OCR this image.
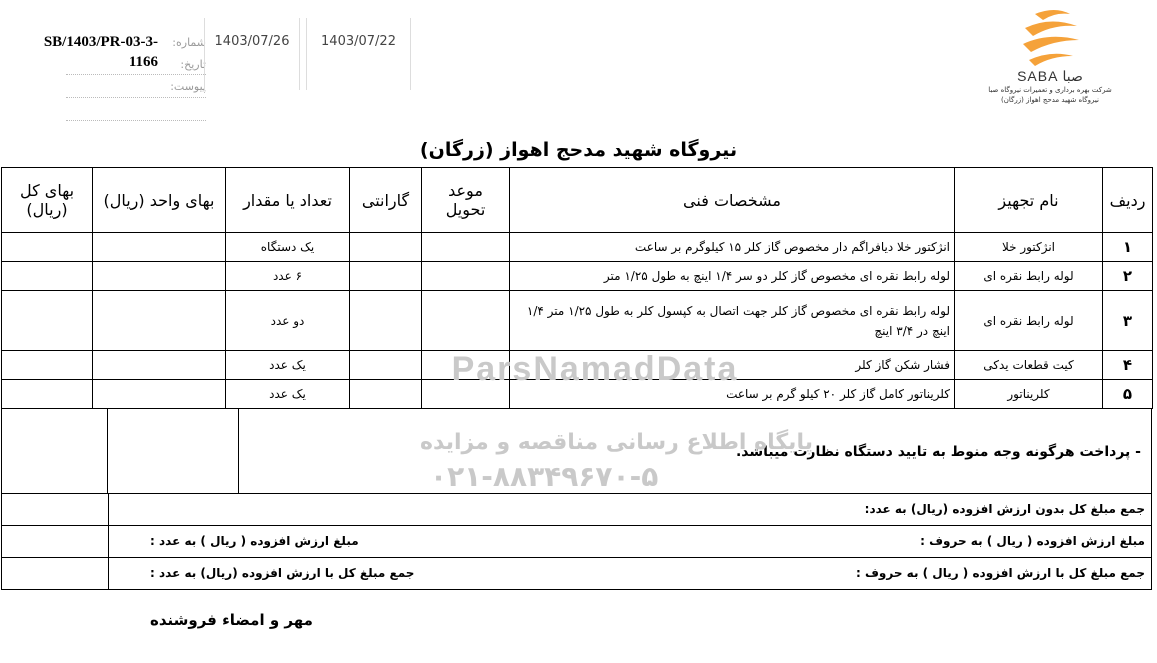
SB/1403/PR-03-3-1166
شماره:
تاریخ:
پیوست:
1403/07/26	1403/07/22
SABA صبا
شرکت بهره برداری و تعمیرات نیروگاه صبا
نیروگاه شهید مدحج اهواز (زرگان)
نیروگاه شهید مدحج اهواز (زرگان)
ردیف	نام تجهیز	مشخصات فنی	موعد تحویل	گارانتی	تعداد یا مقدار	بهای واحد (ریال)	بهای کل (ریال)
۱	انژکتور خلا	انژکتور خلا دیافراگم دار مخصوص گاز کلر ۱۵ کیلوگرم بر ساعت			یک دستگاه		
۲	لوله رابط نقره ای	لوله رابط نقره ای مخصوص گاز کلر دو سر ۱/۴ اینچ به طول ۱/۲۵ متر			۶ عدد		
۳	لوله رابط نقره ای	لوله رابط نقره ای مخصوص گاز کلر جهت اتصال به کپسول کلر به طول ۱/۲۵ متر ۱/۴ اینچ در ۳/۴ اینچ			دو عدد		
۴	کیت قطعات یدکی	فشار شکن گاز کلر			یک عدد		
۵	کلریناتور	کلریناتور کامل گاز کلر ۲۰ کیلو گرم بر ساعت			یک عدد		
- پرداخت هرگونه وجه منوط به تایید دستگاه نظارت میباشد.
جمع مبلغ کل بدون ارزش افزوده (ریال) به عدد:
مبلغ ارزش افزوده ( ریال ) به حروف :
مبلغ ارزش افزوده ( ریال ) به عدد :
جمع مبلغ کل با ارزش افزوده ( ریال ) به حروف :
جمع مبلغ کل با ارزش افزوده (ریال) به عدد :
مهر و امضاء فروشنده
ParsNamadData
پایگاه اطلاع رسانی مناقصه و مزایده
۰۲۱-۸۸۳۴۹۶۷۰-۵
